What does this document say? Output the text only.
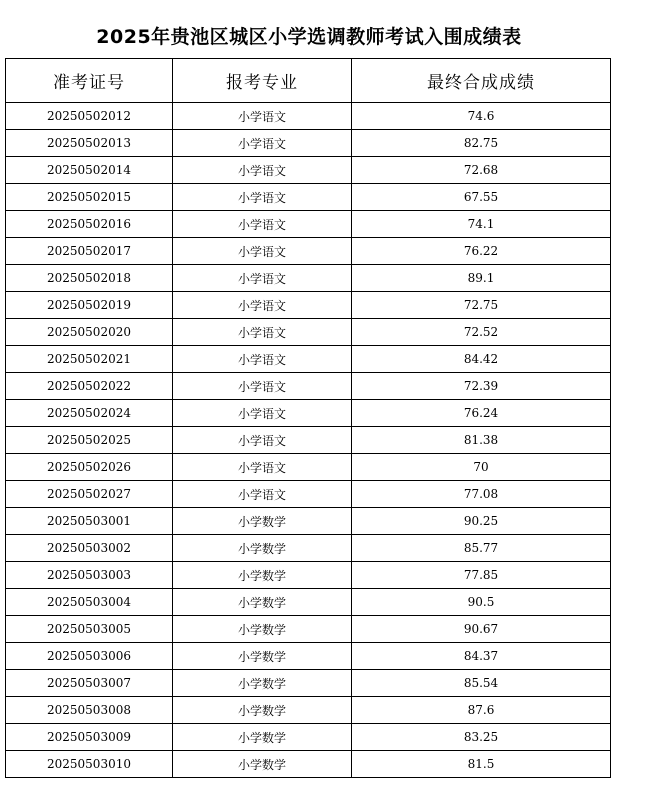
2025年贵池区城区小学选调教师考试入围成绩表
准考证号	报考专业	最终合成成绩
20250502012	小学语文	74.6
20250502013	小学语文	82.75
20250502014	小学语文	72.68
20250502015	小学语文	67.55
20250502016	小学语文	74.1
20250502017	小学语文	76.22
20250502018	小学语文	89.1
20250502019	小学语文	72.75
20250502020	小学语文	72.52
20250502021	小学语文	84.42
20250502022	小学语文	72.39
20250502024	小学语文	76.24
20250502025	小学语文	81.38
20250502026	小学语文	70
20250502027	小学语文	77.08
20250503001	小学数学	90.25
20250503002	小学数学	85.77
20250503003	小学数学	77.85
20250503004	小学数学	90.5
20250503005	小学数学	90.67
20250503006	小学数学	84.37
20250503007	小学数学	85.54
20250503008	小学数学	87.6
20250503009	小学数学	83.25
20250503010	小学数学	81.5
